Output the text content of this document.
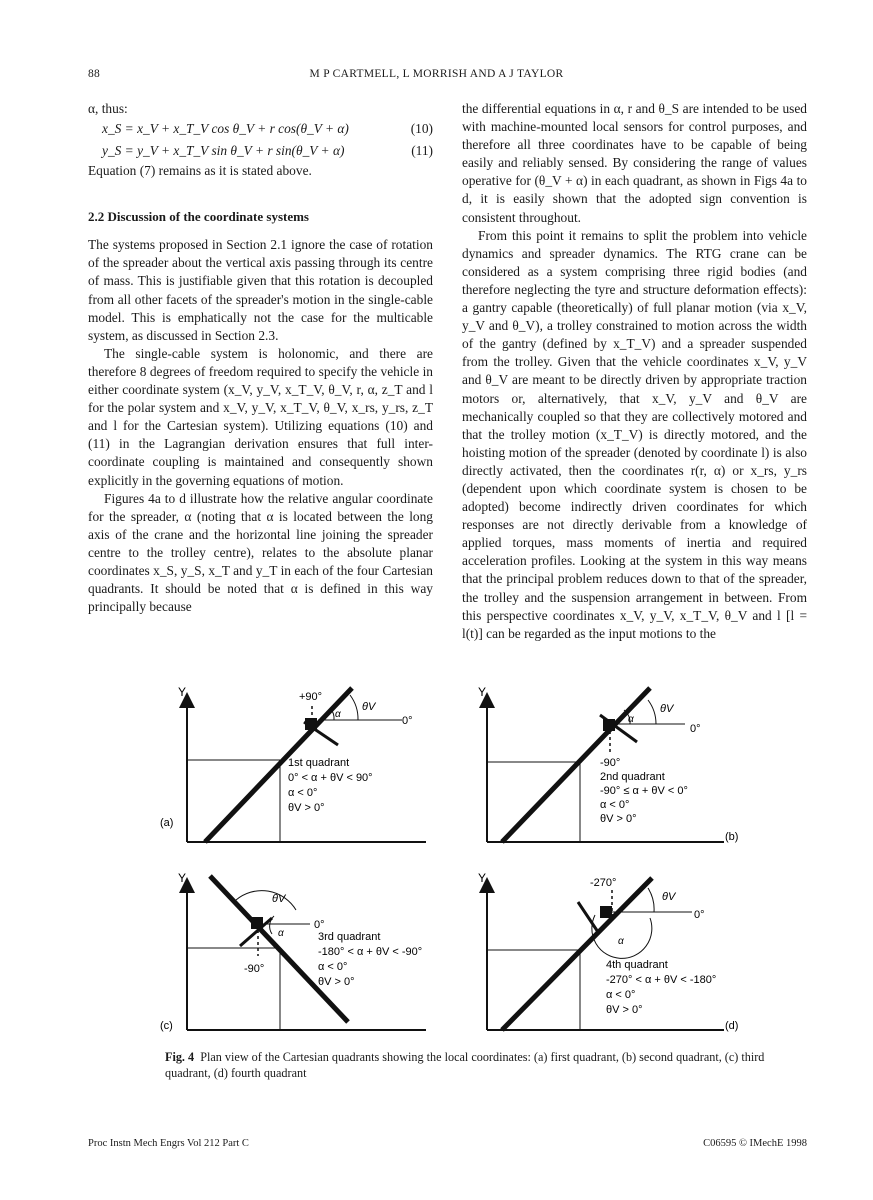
88	M P CARTMELL, L MORRISH AND A J TAYLOR

α, thus:

x_S = x_V + x_T_V cos θ_V + r cos(θ_V + α)	(10)
y_S = y_V + x_T_V sin θ_V + r sin(θ_V + α)	(11)

Equation (7) remains as it is stated above.

2.2 Discussion of the coordinate systems

The systems proposed in Section 2.1 ignore the case of rotation of the spreader about the vertical axis passing through its centre of mass. This is justifiable given that this rotation is decoupled from all other facets of the spreader's motion in the single-cable model. This is emphatically not the case for the multicable system, as discussed in Section 2.3.

The single-cable system is holonomic, and there are therefore 8 degrees of freedom required to specify the vehicle in either coordinate system (x_V, y_V, x_T_V, θ_V, r, α, z_T and l for the polar system and x_V, y_V, x_T_V, θ_V, x_rs, y_rs, z_T and l for the Cartesian system). Utilizing equations (10) and (11) in the Lagrangian derivation ensures that full inter-coordinate coupling is maintained and consequently shown explicitly in the governing equations of motion.

Figures 4a to d illustrate how the relative angular coordinate for the spreader, α (noting that α is located between the long axis of the crane and the horizontal line joining the spreader centre to the trolley centre), relates to the absolute planar coordinates x_S, y_S, x_T and y_T in each of the four Cartesian quadrants. It should be noted that α is defined in this way principally because

the differential equations in α, r and θ_S are intended to be used with machine-mounted local sensors for control purposes, and therefore all three coordinates have to be capable of being easily and reliably sensed. By considering the range of values operative for (θ_V + α) in each quadrant, as shown in Figs 4a to d, it is easily shown that the adopted sign convention is consistent throughout.

From this point it remains to split the problem into vehicle dynamics and spreader dynamics. The RTG crane can be considered as a system comprising three rigid bodies (and therefore neglecting the tyre and structure deformation effects): a gantry capable (theoretically) of full planar motion (via x_V, y_V and θ_V), a trolley constrained to motion across the width of the gantry (defined by x_T_V) and a spreader suspended from the trolley. Given that the vehicle coordinates x_V, y_V and θ_V are meant to be directly driven by appropriate traction motors or, alternatively, that x_V, y_V and θ_V are mechanically coupled so that they are collectively motored and that the trolley motion (x_T_V) is directly motored, and the hoisting motion of the spreader (denoted by coordinate l) is also directly activated, then the coordinates r(r, α) or x_rs, y_rs (dependent upon which coordinate system is chosen to be adopted) become indirectly driven coordinates for which responses are not directly derivable from a knowledge of applied torques, mass moments of inertia and required acceleration profiles. Looking at the system in this way means that the principal problem reduces down to that of the spreader, the trolley and the suspension arrangement in between. From this perspective coordinates x_V, y_V, x_T_V, θ_V and l [l = l(t)] can be regarded as the input motions to the

+90°
0°
θV
α
Y
(a)
1st quadrant
0° < α + θV < 90°
α < 0°
θV > 0°
-90°
0°
θV
α
Y
(b)
2nd quadrant
-90° ≤ α + θV < 0°
α < 0°
θV > 0°
-90°
0°
θV
α
Y
(c)
3rd quadrant
-180° < α + θV < -90°
α < 0°
θV > 0°
-270°
0°
θV
α
Y
(d)
4th quadrant
-270° < α + θV < -180°
α < 0°
θV > 0°
Fig. 4 Plan view of the Cartesian quadrants showing the local coordinates: (a) first quadrant, (b) second quadrant, (c) third quadrant, (d) fourth quadrant
Proc Instn Mech Engrs Vol 212 Part C	C06595 © IMechE 1998
